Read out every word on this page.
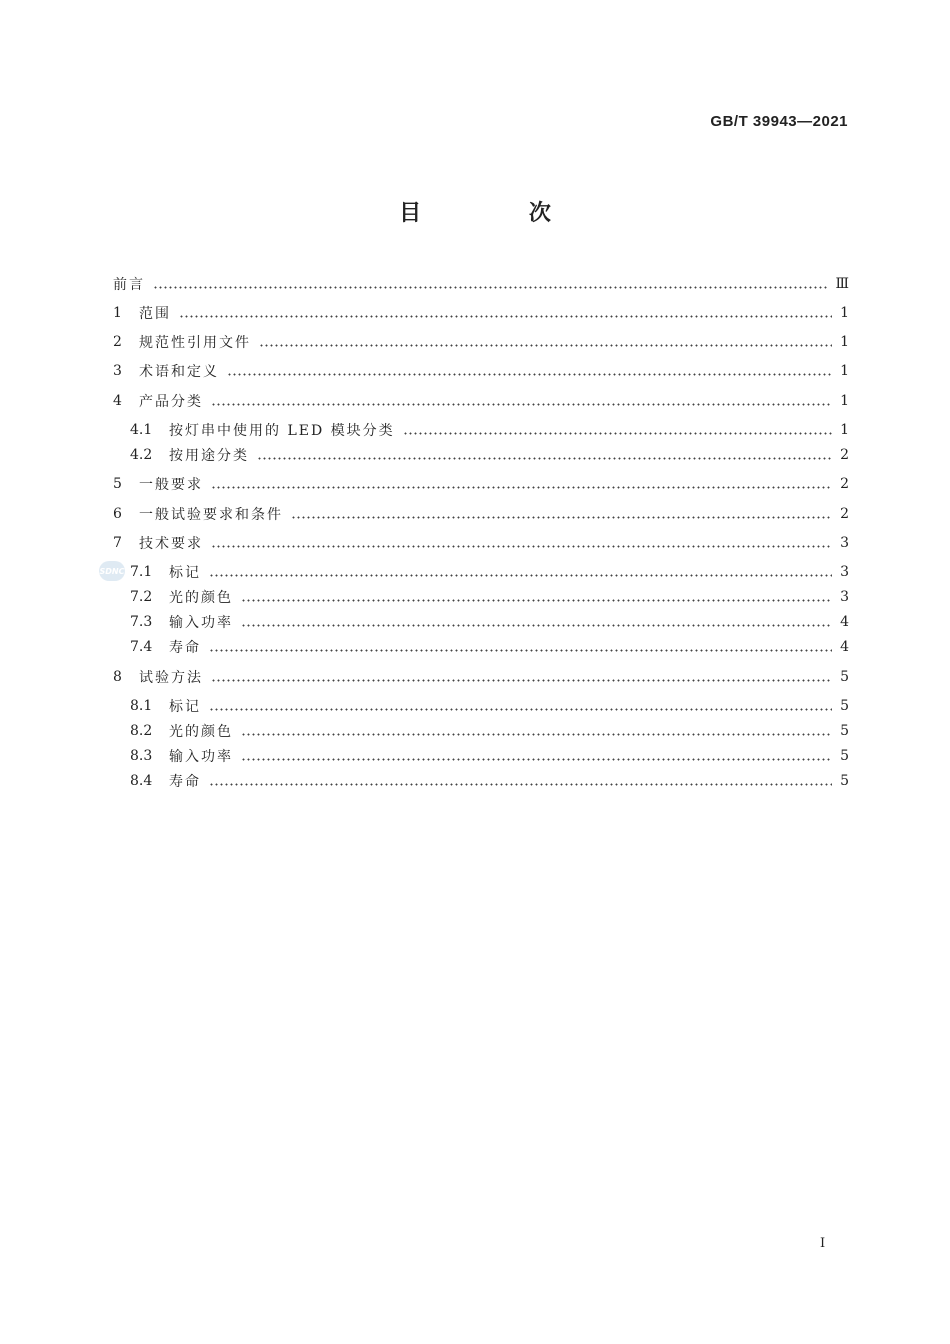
GB/T 39943—2021
目 次
前言	Ⅲ
1	范围	1
2	规范性引用文件	1
3	术语和定义	1
4	产品分类	1
4.1	按灯串中使用的 LED 模块分类	1
4.2	按用途分类	2
5	一般要求	2
6	一般试验要求和条件	2
7	技术要求	3
7.1	标记	3
7.2	光的颜色	3
7.3	输入功率	4
7.4	寿命	4
8	试验方法	5
8.1	标记	5
8.2	光的颜色	5
8.3	输入功率	5
8.4	寿命	5
SDNC
I
